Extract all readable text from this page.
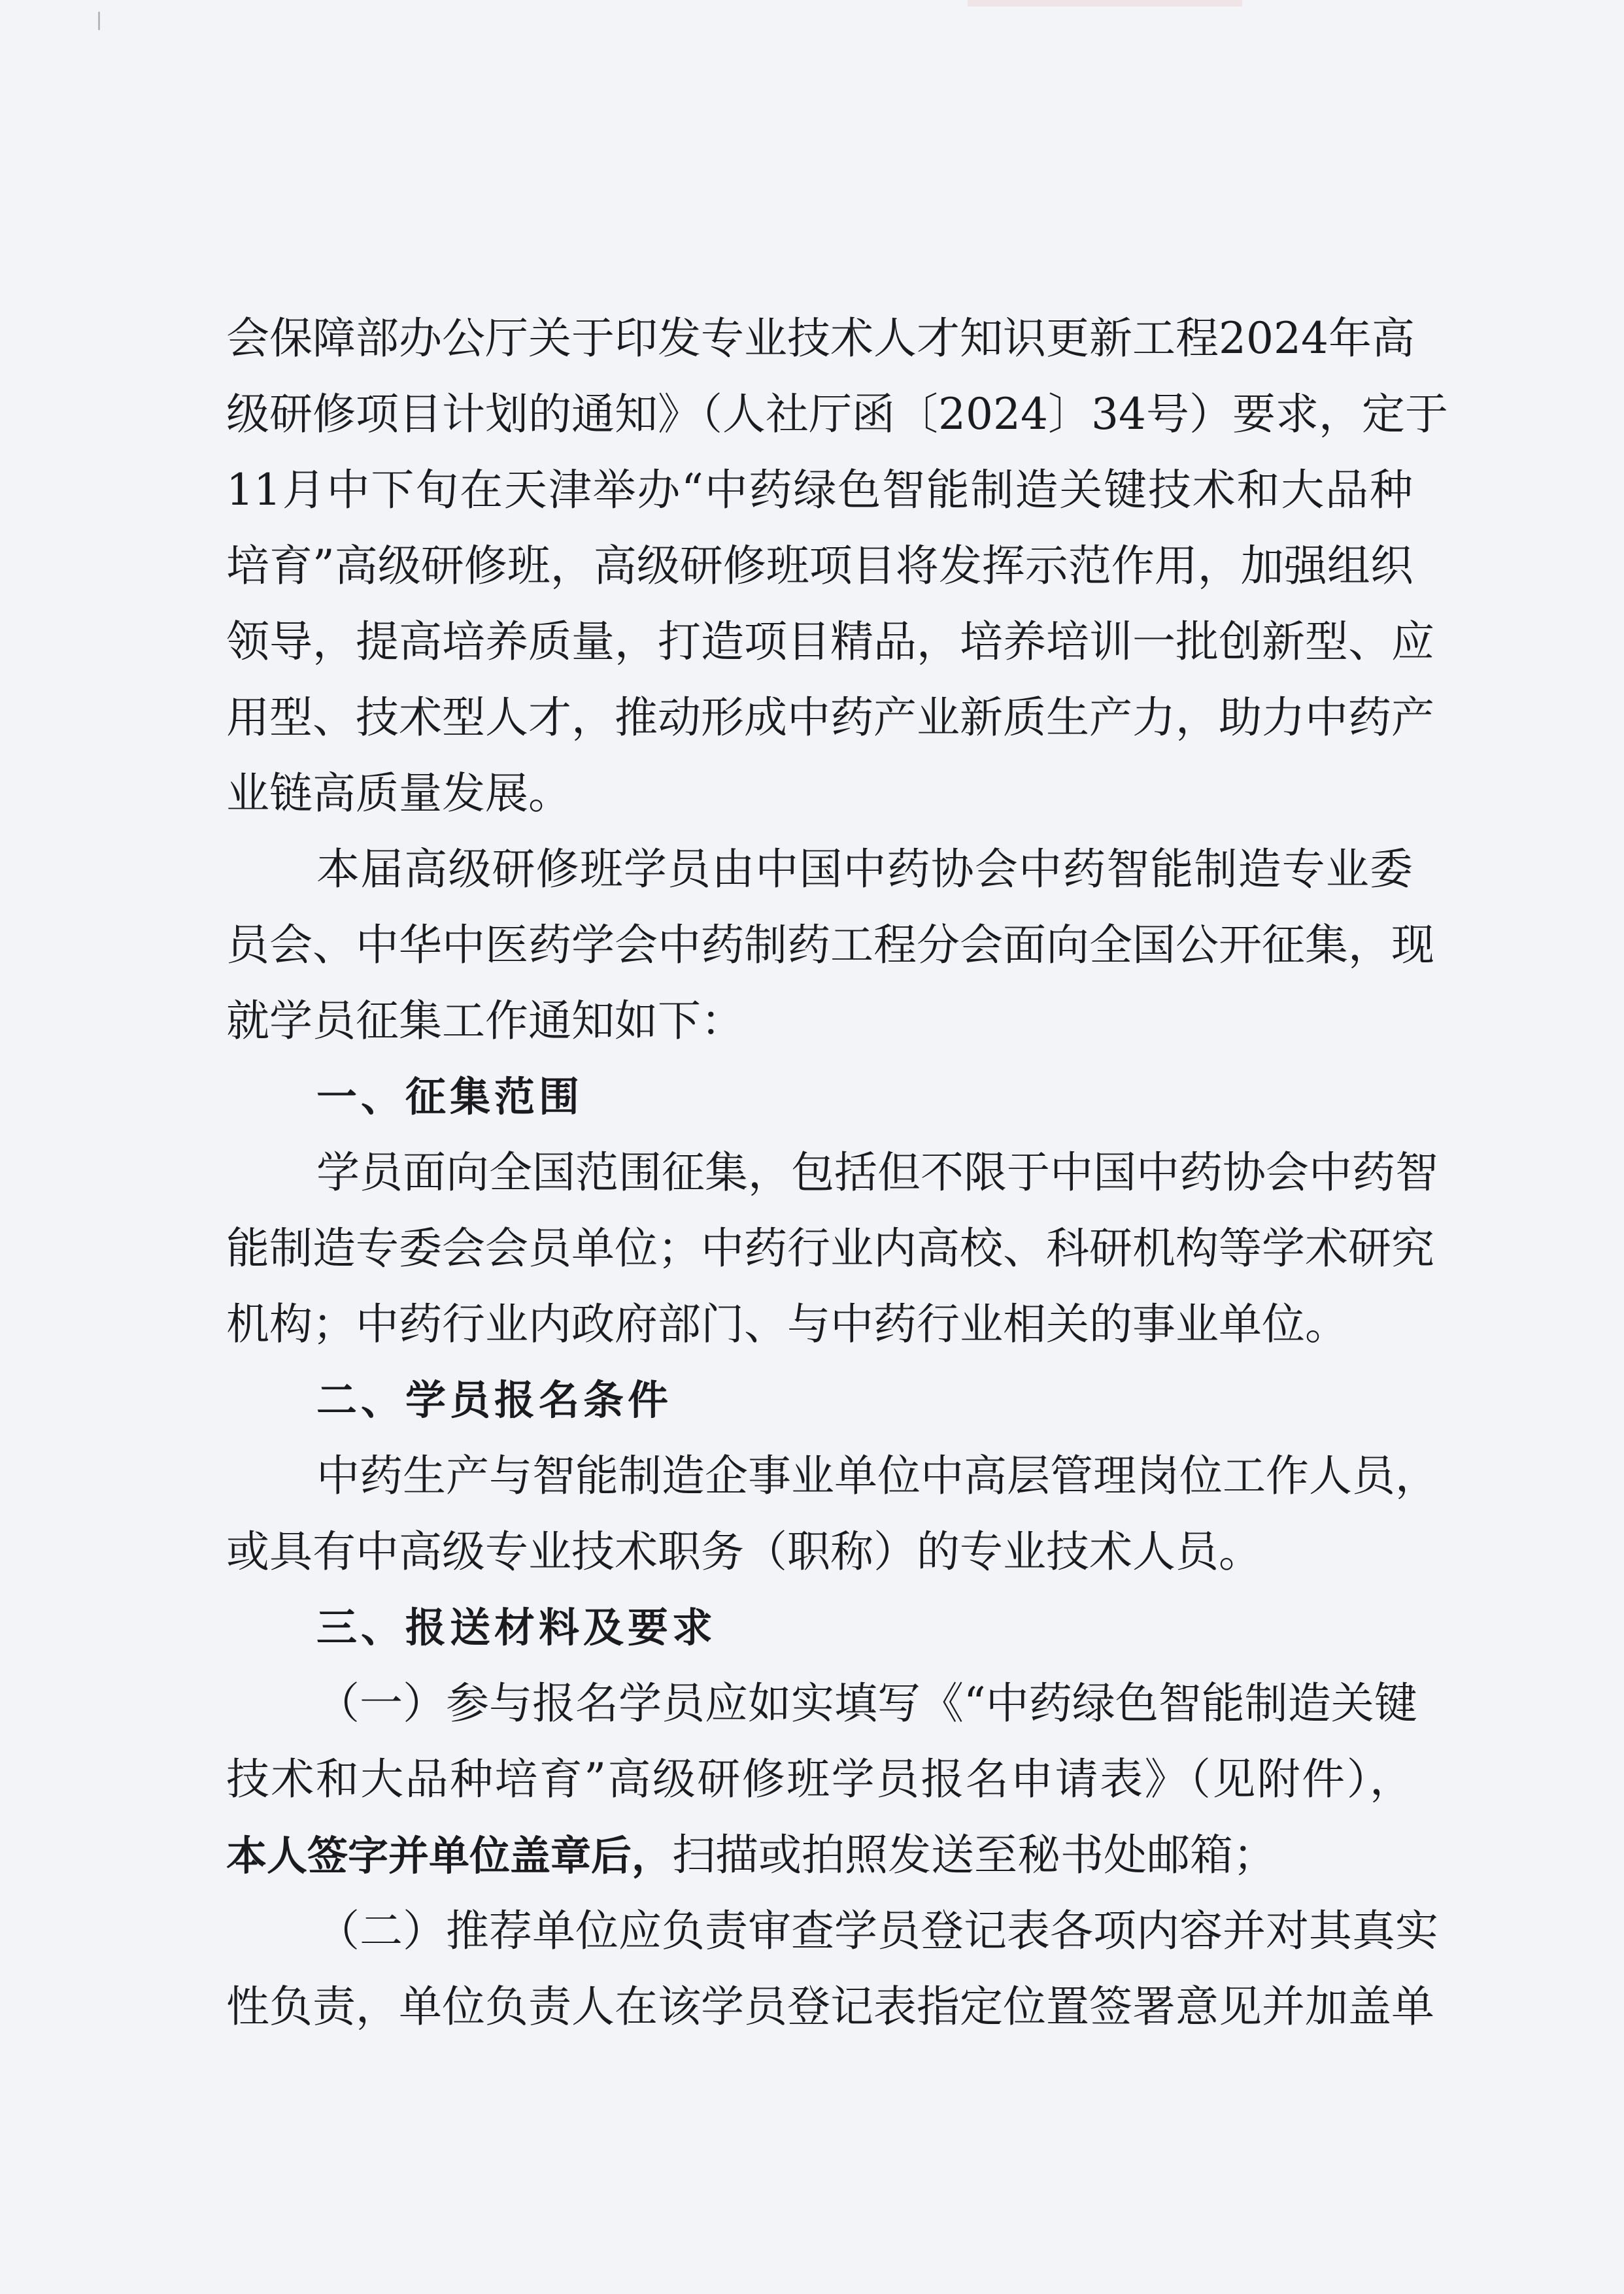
会保障部办公厅关于印发专业技术人才知识更新工程2024年高
级研修项目计划的通知》（人社厅函〔2024〕34号）要求，定于
11月中下旬在天津举办“中药绿色智能制造关键技术和大品种
培育”高级研修班，高级研修班项目将发挥示范作用，加强组织
领导，提高培养质量，打造项目精品，培养培训一批创新型、应
用型、技术型人才，推动形成中药产业新质生产力，助力中药产
业链高质量发展。
本届高级研修班学员由中国中药协会中药智能制造专业委
员会、中华中医药学会中药制药工程分会面向全国公开征集，现
就学员征集工作通知如下：
一、征集范围
学员面向全国范围征集，包括但不限于中国中药协会中药智
能制造专委会会员单位；中药行业内高校、科研机构等学术研究
机构；中药行业内政府部门、与中药行业相关的事业单位。
二、学员报名条件
中药生产与智能制造企事业单位中高层管理岗位工作人员，
或具有中高级专业技术职务（职称）的专业技术人员。
三、报送材料及要求
（一）参与报名学员应如实填写《“中药绿色智能制造关键
技术和大品种培育”高级研修班学员报名申请表》（见附件），
本人签字并单位盖章后，扫描或拍照发送至秘书处邮箱；
（二）推荐单位应负责审查学员登记表各项内容并对其真实
性负责，单位负责人在该学员登记表指定位置签署意见并加盖单
